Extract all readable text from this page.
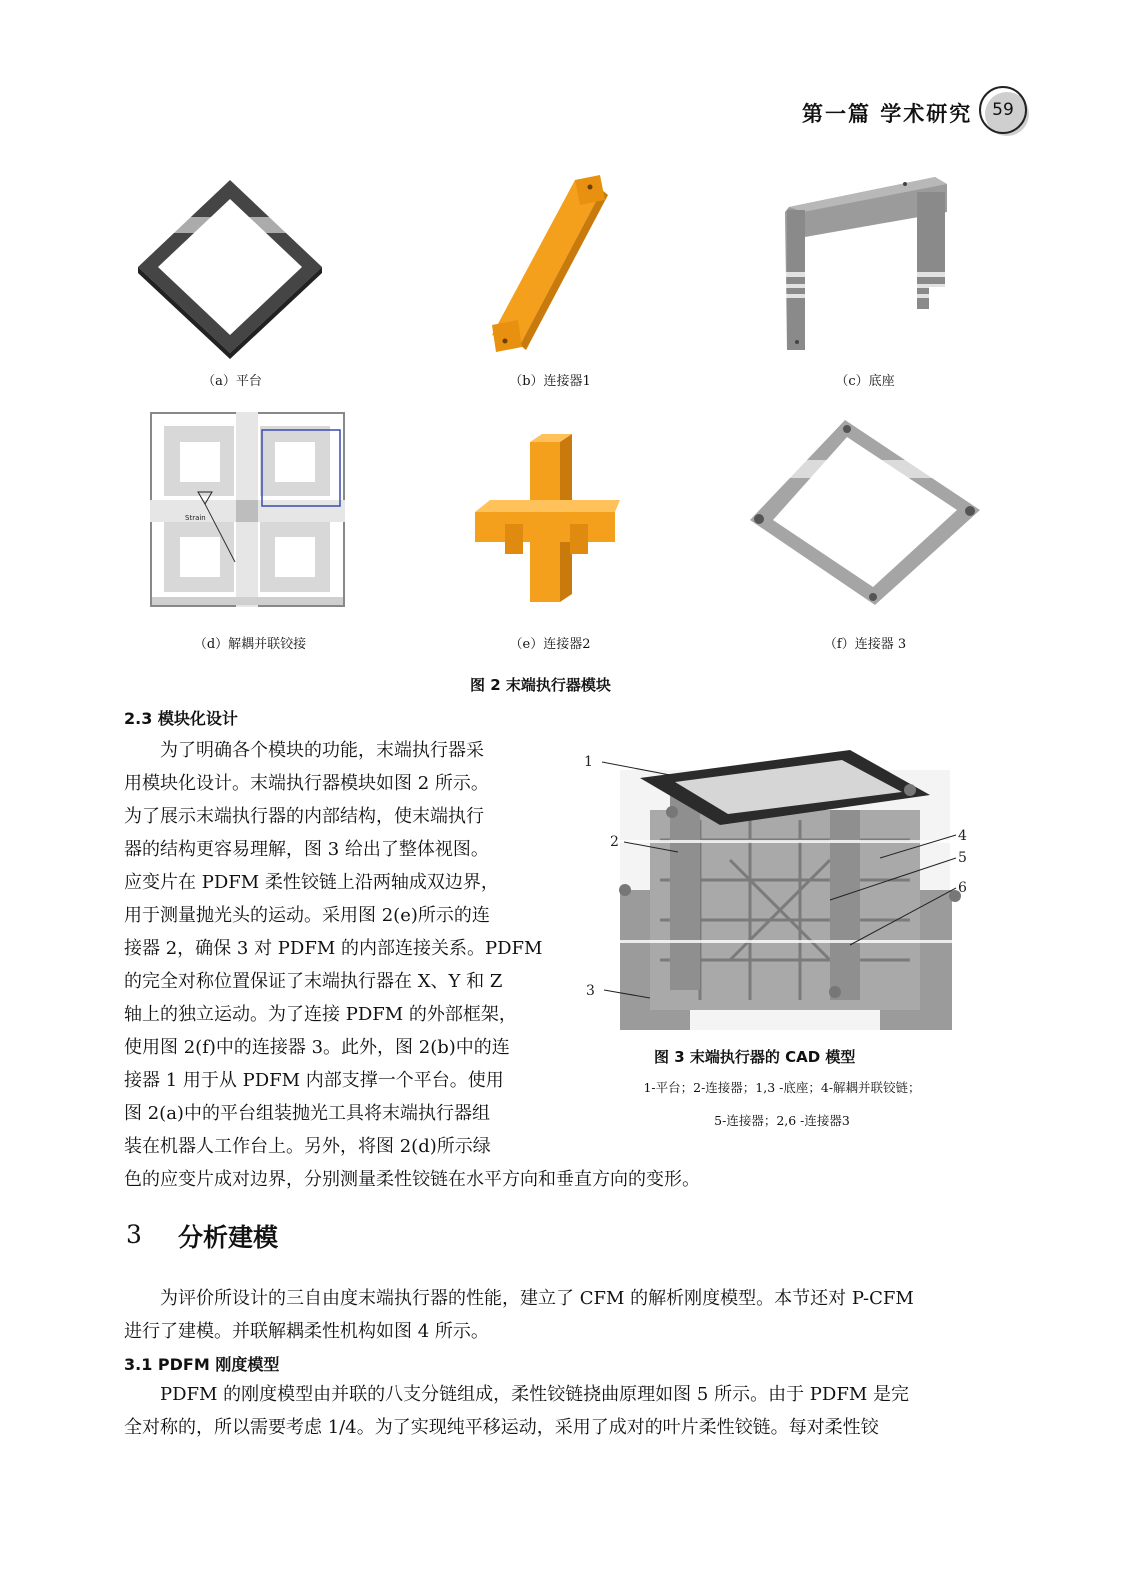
第一篇 学术研究	59
（a）平台	（b）连接器1	（c）底座
Strain
（d）解耦并联铰接	（e）连接器2	（f）连接器 3
图 2 末端执行器模块
2.3 模块化设计
为了明确各个模块的功能，末端执行器采
用模块化设计。末端执行器模块如图 2 所示。
为了展示末端执行器的内部结构，使末端执行
器的结构更容易理解，图 3 给出了整体视图。
应变片在 PDFM 柔性铰链上沿两轴成双边界，
用于测量抛光头的运动。采用图 2(e)所示的连
接器 2，确保 3 对 PDFM 的内部连接关系。PDFM
的完全对称位置保证了末端执行器在 X、Y 和 Z
轴上的独立运动。为了连接 PDFM 的外部框架，
使用图 2(f)中的连接器 3。此外，图 2(b)中的连
接器 1 用于从 PDFM 内部支撑一个平台。使用
图 2(a)中的平台组装抛光工具将末端执行器组
装在机器人工作台上。另外，将图 2(d)所示绿
色的应变片成对边界，分别测量柔性铰链在水平方向和垂直方向的变形。
1
2
3
4
5
6
图 3 末端执行器的 CAD 模型
1-平台；2-连接器；1,3 -底座；4-解耦并联铰链；
5-连接器；2,6 -连接器3
3 分析建模
为评价所设计的三自由度末端执行器的性能，建立了 CFM 的解析刚度模型。本节还对 P-CFM
进行了建模。并联解耦柔性机构如图 4 所示。
3.1 PDFM 刚度模型
PDFM 的刚度模型由并联的八支分链组成，柔性铰链挠曲原理如图 5 所示。由于 PDFM 是完
全对称的，所以需要考虑 1/4。为了实现纯平移运动，采用了成对的叶片柔性铰链。每对柔性铰
